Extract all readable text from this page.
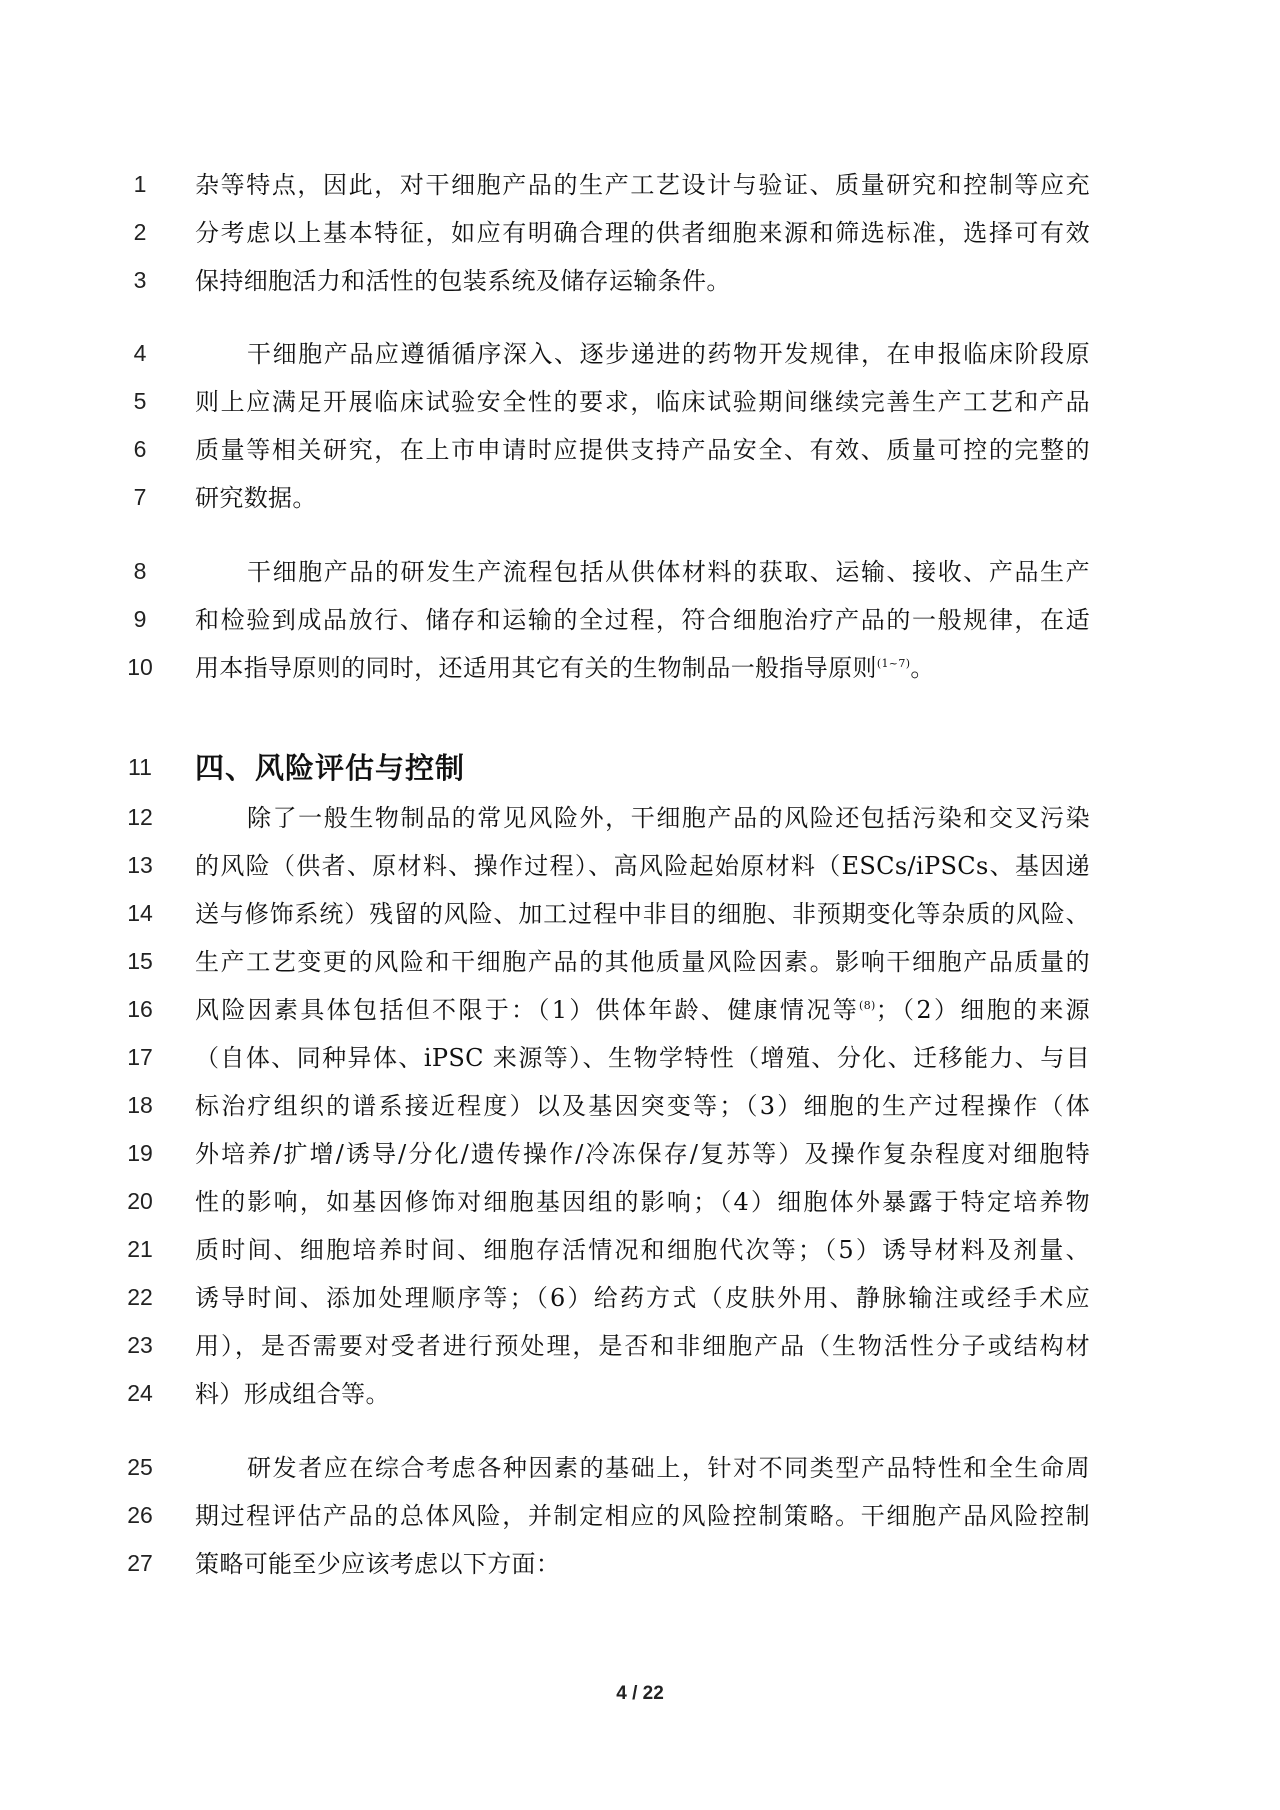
1	杂等特点，因此，对干细胞产品的生产工艺设计与验证、质量研究和控制等应充
2	分考虑以上基本特征，如应有明确合理的供者细胞来源和筛选标准，选择可有效
3	保持细胞活力和活性的包装系统及储存运输条件。
4	干细胞产品应遵循循序深入、逐步递进的药物开发规律，在申报临床阶段原
5	则上应满足开展临床试验安全性的要求，临床试验期间继续完善生产工艺和产品
6	质量等相关研究，在上市申请时应提供支持产品安全、有效、质量可控的完整的
7	研究数据。
8	干细胞产品的研发生产流程包括从供体材料的获取、运输、接收、产品生产
9	和检验到成品放行、储存和运输的全过程，符合细胞治疗产品的一般规律，在适
10	用本指导原则的同时，还适用其它有关的生物制品一般指导原则$^{(1\sim 7)}$。
11	四、风险评估与控制
12	除了一般生物制品的常见风险外，干细胞产品的风险还包括污染和交叉污染
13	的风险（供者、原材料、操作过程）、高风险起始原材料（ESCs/iPSCs、基因递
14	送与修饰系统）残留的风险、加工过程中非目的细胞、非预期变化等杂质的风险、
15	生产工艺变更的风险和干细胞产品的其他质量风险因素。影响干细胞产品质量的
16	风险因素具体包括但不限于：（1）供体年龄、健康情况等$^{(8)}$；（2）细胞的来源
17	（自体、同种异体、iPSC 来源等）、生物学特性（增殖、分化、迁移能力、与目
18	标治疗组织的谱系接近程度）以及基因突变等；（3）细胞的生产过程操作（体
19	外培养/扩增/诱导/分化/遗传操作/冷冻保存/复苏等）及操作复杂程度对细胞特
20	性的影响，如基因修饰对细胞基因组的影响；（4）细胞体外暴露于特定培养物
21	质时间、细胞培养时间、细胞存活情况和细胞代次等；（5）诱导材料及剂量、
22	诱导时间、添加处理顺序等；（6）给药方式（皮肤外用、静脉输注或经手术应
23	用），是否需要对受者进行预处理，是否和非细胞产品（生物活性分子或结构材
24	料）形成组合等。
25	研发者应在综合考虑各种因素的基础上，针对不同类型产品特性和全生命周
26	期过程评估产品的总体风险，并制定相应的风险控制策略。干细胞产品风险控制
27	策略可能至少应该考虑以下方面：
4 / 22
